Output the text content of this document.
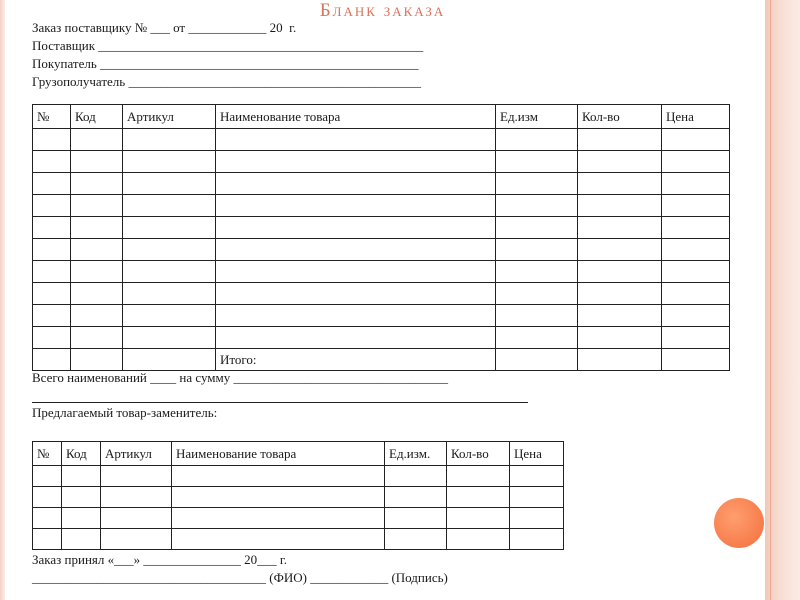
Бланк заказа
Заказ поставщику № ___ от ____________ 20  г.
Поставщик __________________________________________________
Покупатель _________________________________________________
Грузополучатель _____________________________________________
№	Код	Артикул	Наименование товара	Ед.изм	Кол-во	Цена

			Итого:			
Всего наименований ____ на сумму _________________________________
Предлагаемый товар-заменитель:
№	Код	Артикул	Наименование товара	Ед.изм.	Кол-во	Цена

Заказ принял «___» _______________ 20___ г.
____________________________________ (ФИО) ____________ (Подпись)
